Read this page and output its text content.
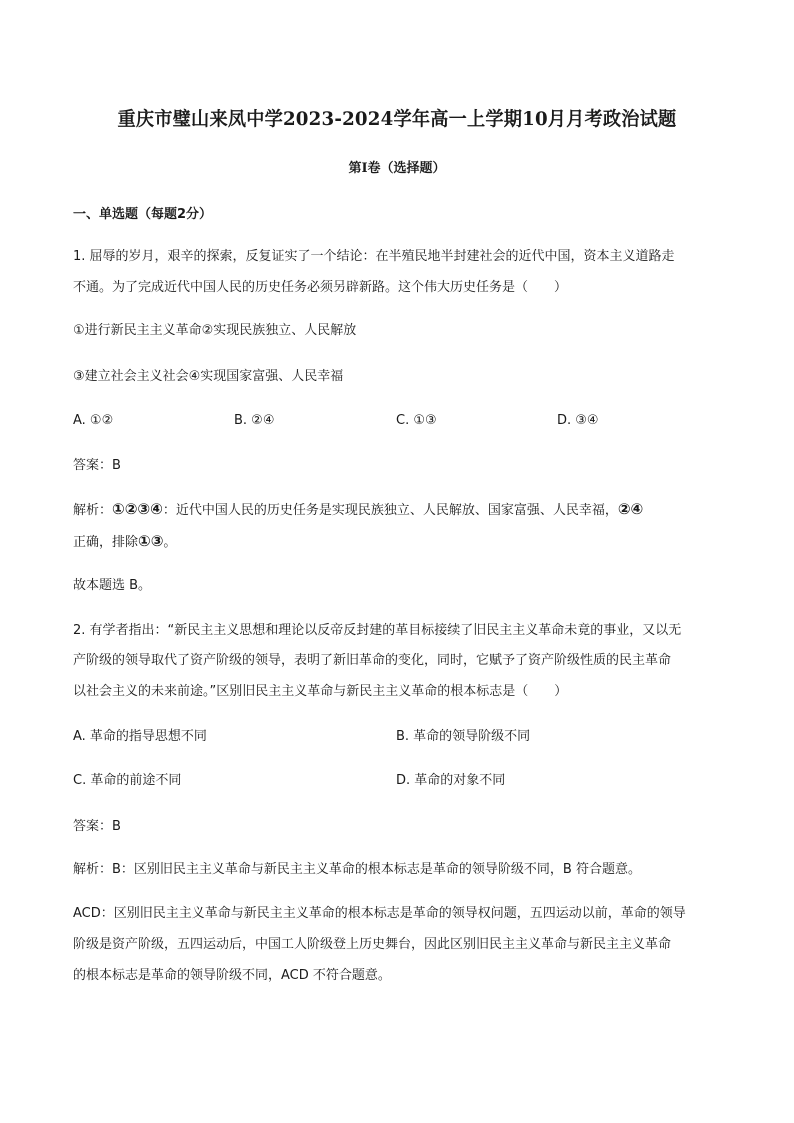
重庆市璧山来凤中学2023-2024学年高一上学期10月月考政治试题
第Ⅰ卷（选择题）
一、单选题（每题2分）
1. 屈辱的岁月，艰辛的探索，反复证实了一个结论：在半殖民地半封建社会的近代中国，资本主义道路走
不通。为了完成近代中国人民的历史任务必须另辟新路。这个伟大历史任务是（　　）
①进行新民主主义革命②实现民族独立、人民解放
③建立社会主义社会④实现国家富强、人民幸福
A. ①②	B. ②④	C. ①③	D. ③④
答案：B
解析：①②③④：近代中国人民的历史任务是实现民族独立、人民解放、国家富强、人民幸福，②④
正确，排除①③。
故本题选 B。
2. 有学者指出：“新民主主义思想和理论以反帝反封建的革目标接续了旧民主主义革命未竟的事业，又以无
产阶级的领导取代了资产阶级的领导，表明了新旧革命的变化，同时，它赋予了资产阶级性质的民主革命
以社会主义的未来前途。”区别旧民主主义革命与新民主主义革命的根本标志是（　　）
A. 革命的指导思想不同	B. 革命的领导阶级不同
C. 革命的前途不同	D. 革命的对象不同
答案：B
解析：B：区别旧民主主义革命与新民主主义革命的根本标志是革命的领导阶级不同，B 符合题意。
ACD：区别旧民主主义革命与新民主主义革命的根本标志是革命的领导权问题，五四运动以前，革命的领导
阶级是资产阶级，五四运动后，中国工人阶级登上历史舞台，因此区别旧民主主义革命与新民主主义革命
的根本标志是革命的领导阶级不同，ACD 不符合题意。
